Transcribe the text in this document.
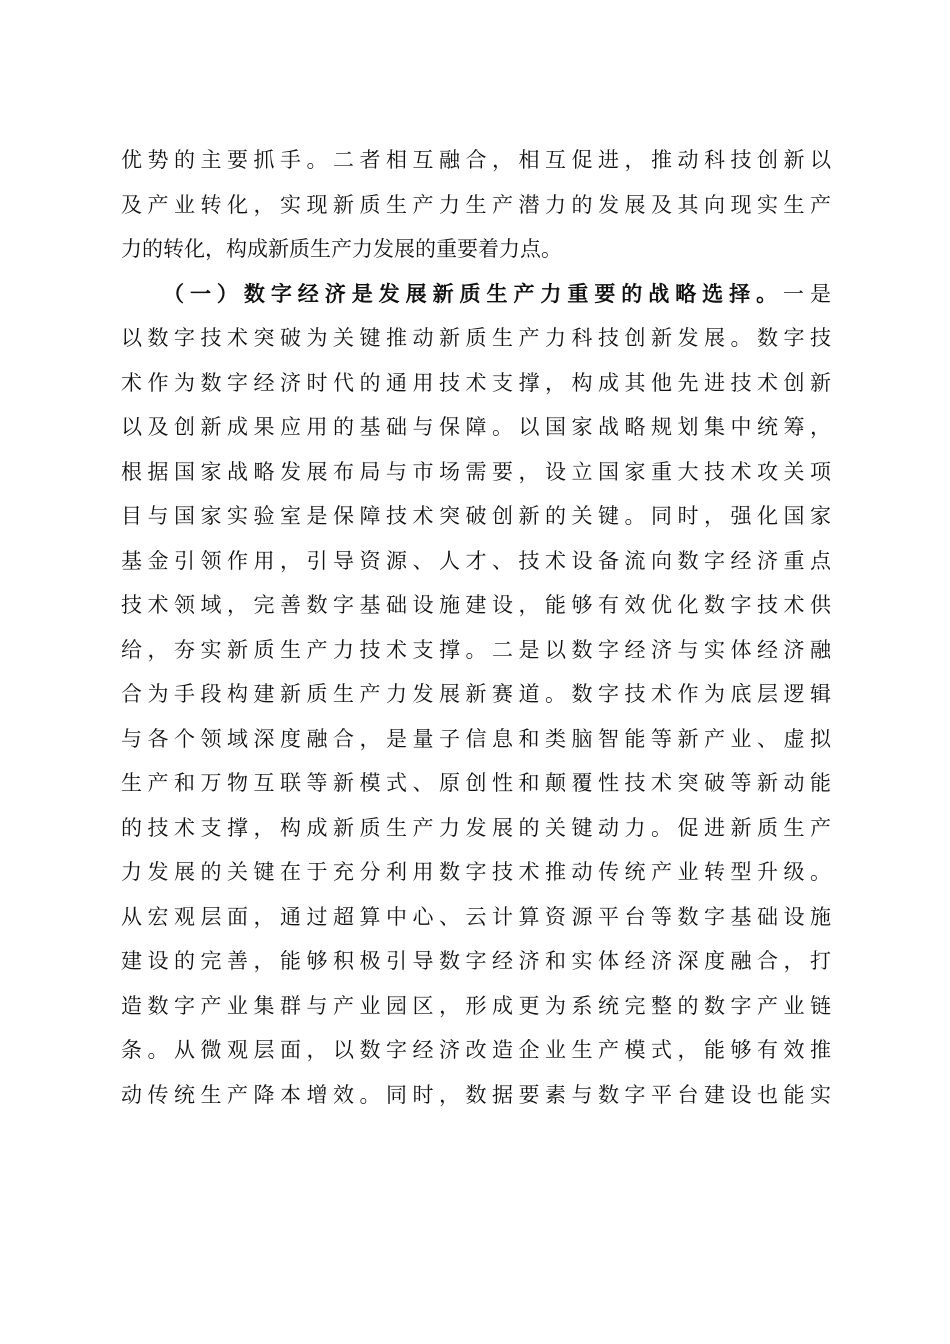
优势的主要抓手。二者相互融合，相互促进，推动科技创新以
及产业转化，实现新质生产力生产潜力的发展及其向现实生产
力的转化，构成新质生产力发展的重要着力点。
（一）数字经济是发展新质生产力重要的战略选择。一是
以数字技术突破为关键推动新质生产力科技创新发展。数字技
术作为数字经济时代的通用技术支撑，构成其他先进技术创新
以及创新成果应用的基础与保障。以国家战略规划集中统筹，
根据国家战略发展布局与市场需要，设立国家重大技术攻关项
目与国家实验室是保障技术突破创新的关键。同时，强化国家
基金引领作用，引导资源、人才、技术设备流向数字经济重点
技术领域，完善数字基础设施建设，能够有效优化数字技术供
给，夯实新质生产力技术支撑。二是以数字经济与实体经济融
合为手段构建新质生产力发展新赛道。数字技术作为底层逻辑
与各个领域深度融合，是量子信息和类脑智能等新产业、虚拟
生产和万物互联等新模式、原创性和颠覆性技术突破等新动能
的技术支撑，构成新质生产力发展的关键动力。促进新质生产
力发展的关键在于充分利用数字技术推动传统产业转型升级。
从宏观层面，通过超算中心、云计算资源平台等数字基础设施
建设的完善，能够积极引导数字经济和实体经济深度融合，打
造数字产业集群与产业园区，形成更为系统完整的数字产业链
条。从微观层面，以数字经济改造企业生产模式，能够有效推
动传统生产降本增效。同时，数据要素与数字平台建设也能实
